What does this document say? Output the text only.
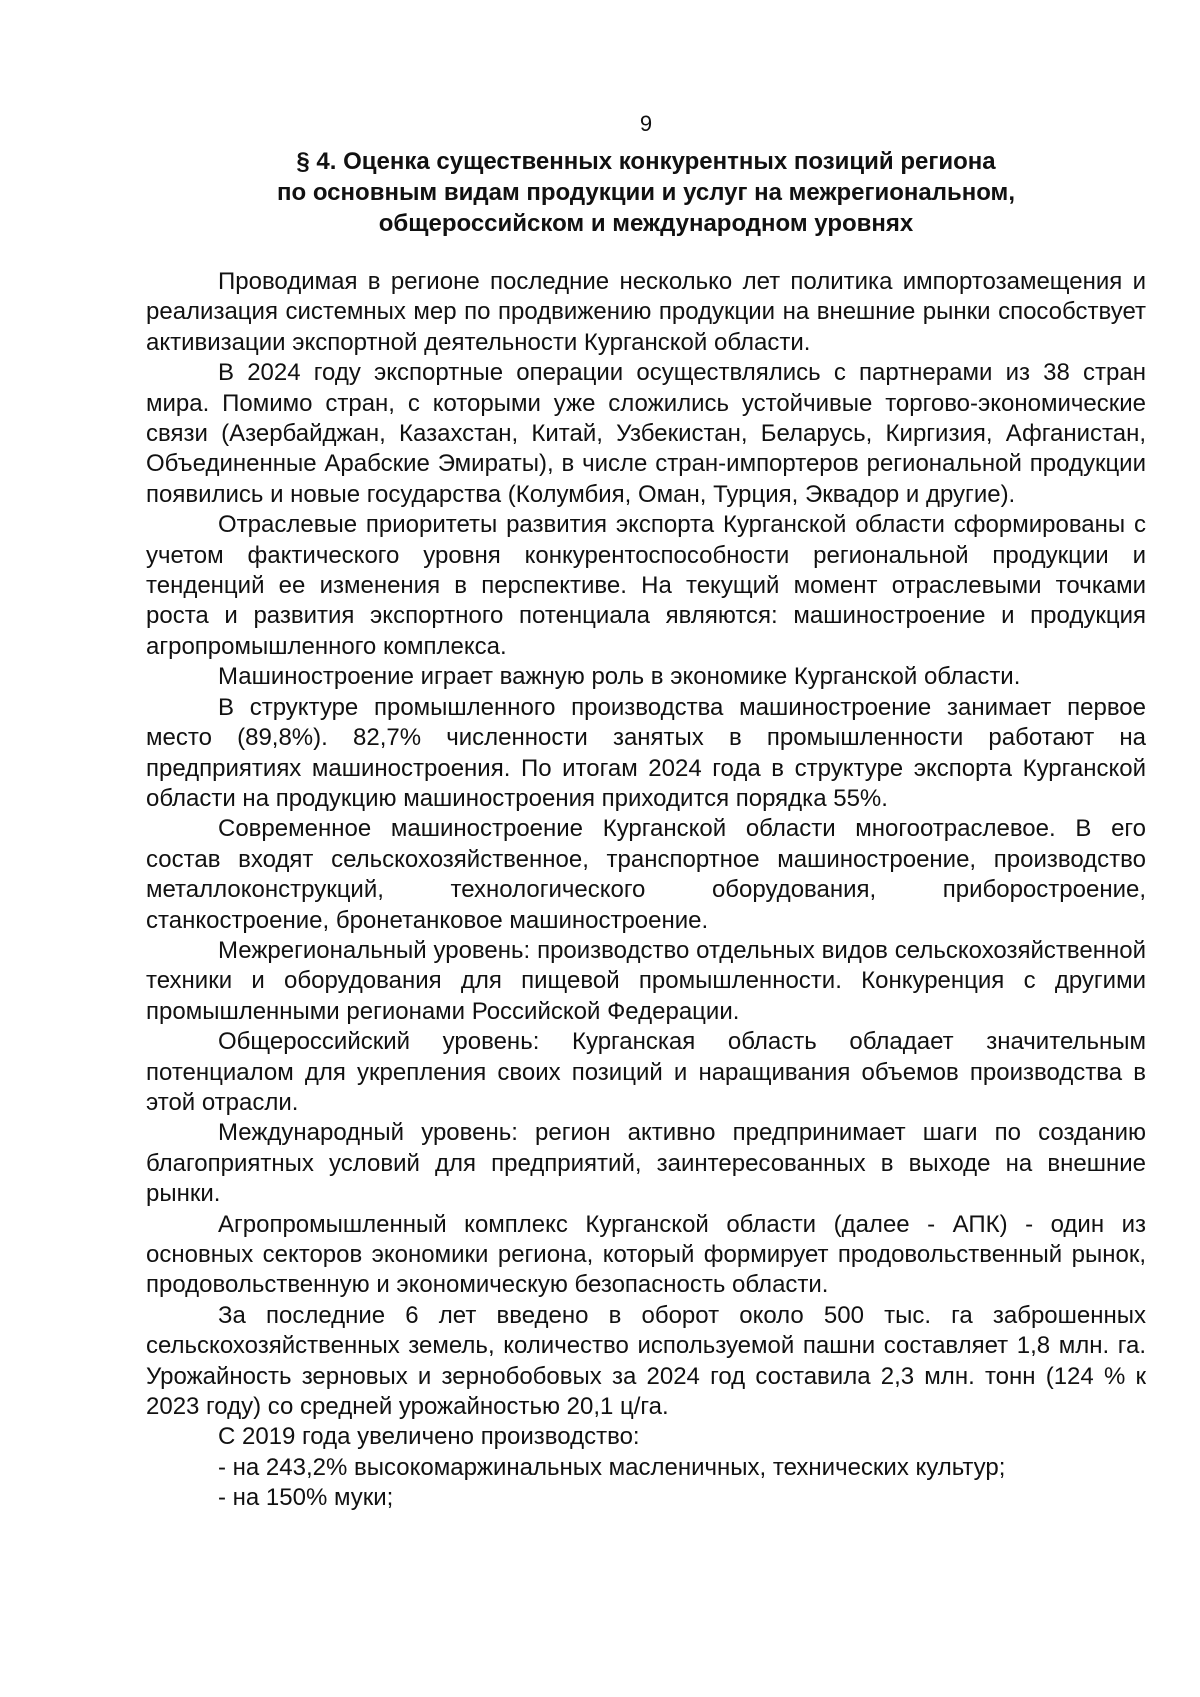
9
§ 4. Оценка существенных конкурентных позиций региона
по основным видам продукции и услуг на межрегиональном,
общероссийском и международном уровнях

Проводимая в регионе последние несколько лет политика импортозамещения и реализация системных мер по продвижению продукции на внешние рынки способствует активизации экспортной деятельности Курганской области.

В 2024 году экспортные операции осуществлялись с партнерами из 38 стран мира. Помимо стран, с которыми уже сложились устойчивые торгово-экономические связи (Азербайджан, Казахстан, Китай, Узбекистан, Беларусь, Киргизия, Афганистан, Объединенные Арабские Эмираты), в числе стран-импортеров региональной продукции появились и новые государства (Колумбия, Оман, Турция, Эквадор и другие).

Отраслевые приоритеты развития экспорта Курганской области сформированы с учетом фактического уровня конкурентоспособности региональной продукции и тенденций ее изменения в перспективе. На текущий момент отраслевыми точками роста и развития экспортного потенциала являются: машиностроение и продукция агропромышленного комплекса.

Машиностроение играет важную роль в экономике Курганской области.

В структуре промышленного производства машиностроение занимает первое место (89,8%). 82,7% численности занятых в промышленности работают на предприятиях машиностроения. По итогам 2024 года в структуре экспорта Курганской области на продукцию машиностроения приходится порядка 55%.

Современное машиностроение Курганской области многоотраслевое. В его состав входят сельскохозяйственное, транспортное машиностроение, производство металлоконструкций, технологического оборудования, приборостроение, станкостроение, бронетанковое машиностроение.

Межрегиональный уровень: производство отдельных видов сельскохозяйственной техники и оборудования для пищевой промышленности. Конкуренция с другими промышленными регионами Российской Федерации.

Общероссийский уровень: Курганская область обладает значительным потенциалом для укрепления своих позиций и наращивания объемов производства в этой отрасли.

Международный уровень: регион активно предпринимает шаги по созданию благоприятных условий для предприятий, заинтересованных в выходе на внешние рынки.

Агропромышленный комплекс Курганской области (далее - АПК) - один из основных секторов экономики региона, который формирует продовольственный рынок, продовольственную и экономическую безопасность области.

За последние 6 лет введено в оборот около 500 тыс. га заброшенных сельскохозяйственных земель, количество используемой пашни составляет 1,8 млн. га. Урожайность зерновых и зернобобовых за 2024 год составила 2,3 млн. тонн (124 % к 2023 году) со средней урожайностью 20,1 ц/га.

С 2019 года увеличено производство:

- на 243,2% высокомаржинальных масленичных, технических культур;

- на 150% муки;
